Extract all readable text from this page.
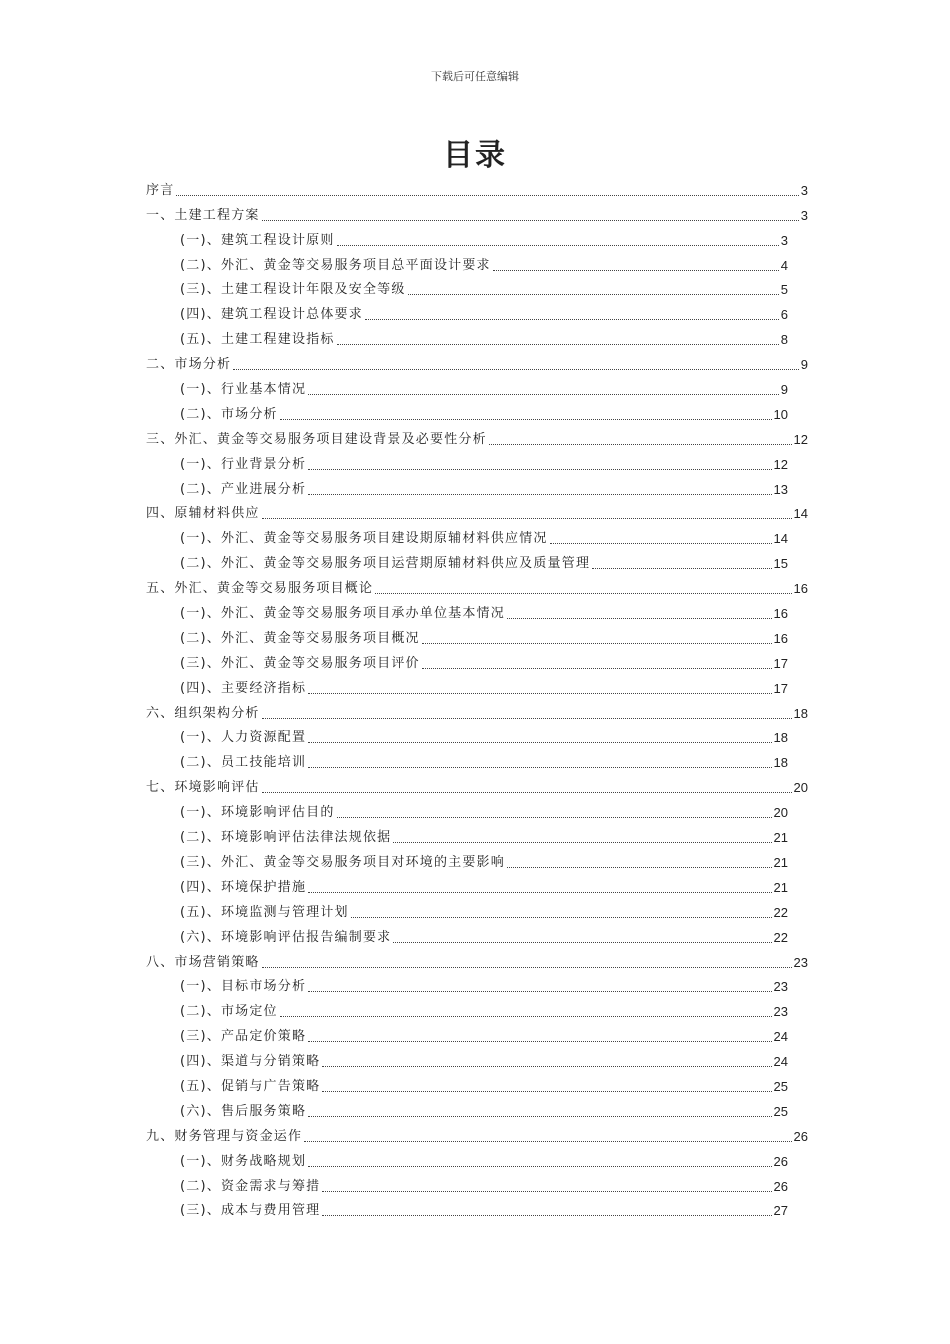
下载后可任意编辑
目录
序言	3
一、土建工程方案	3
(一)、建筑工程设计原则	3
(二)、外汇、黄金等交易服务项目总平面设计要求	4
(三)、土建工程设计年限及安全等级	5
(四)、建筑工程设计总体要求	6
(五)、土建工程建设指标	8
二、市场分析	9
(一)、行业基本情况	9
(二)、市场分析	10
三、外汇、黄金等交易服务项目建设背景及必要性分析	12
(一)、行业背景分析	12
(二)、产业进展分析	13
四、原辅材料供应	14
(一)、外汇、黄金等交易服务项目建设期原辅材料供应情况	14
(二)、外汇、黄金等交易服务项目运营期原辅材料供应及质量管理	15
五、外汇、黄金等交易服务项目概论	16
(一)、外汇、黄金等交易服务项目承办单位基本情况	16
(二)、外汇、黄金等交易服务项目概况	16
(三)、外汇、黄金等交易服务项目评价	17
(四)、主要经济指标	17
六、组织架构分析	18
(一)、人力资源配置	18
(二)、员工技能培训	18
七、环境影响评估	20
(一)、环境影响评估目的	20
(二)、环境影响评估法律法规依据	21
(三)、外汇、黄金等交易服务项目对环境的主要影响	21
(四)、环境保护措施	21
(五)、环境监测与管理计划	22
(六)、环境影响评估报告编制要求	22
八、市场营销策略	23
(一)、目标市场分析	23
(二)、市场定位	23
(三)、产品定价策略	24
(四)、渠道与分销策略	24
(五)、促销与广告策略	25
(六)、售后服务策略	25
九、财务管理与资金运作	26
(一)、财务战略规划	26
(二)、资金需求与筹措	26
(三)、成本与费用管理	27
